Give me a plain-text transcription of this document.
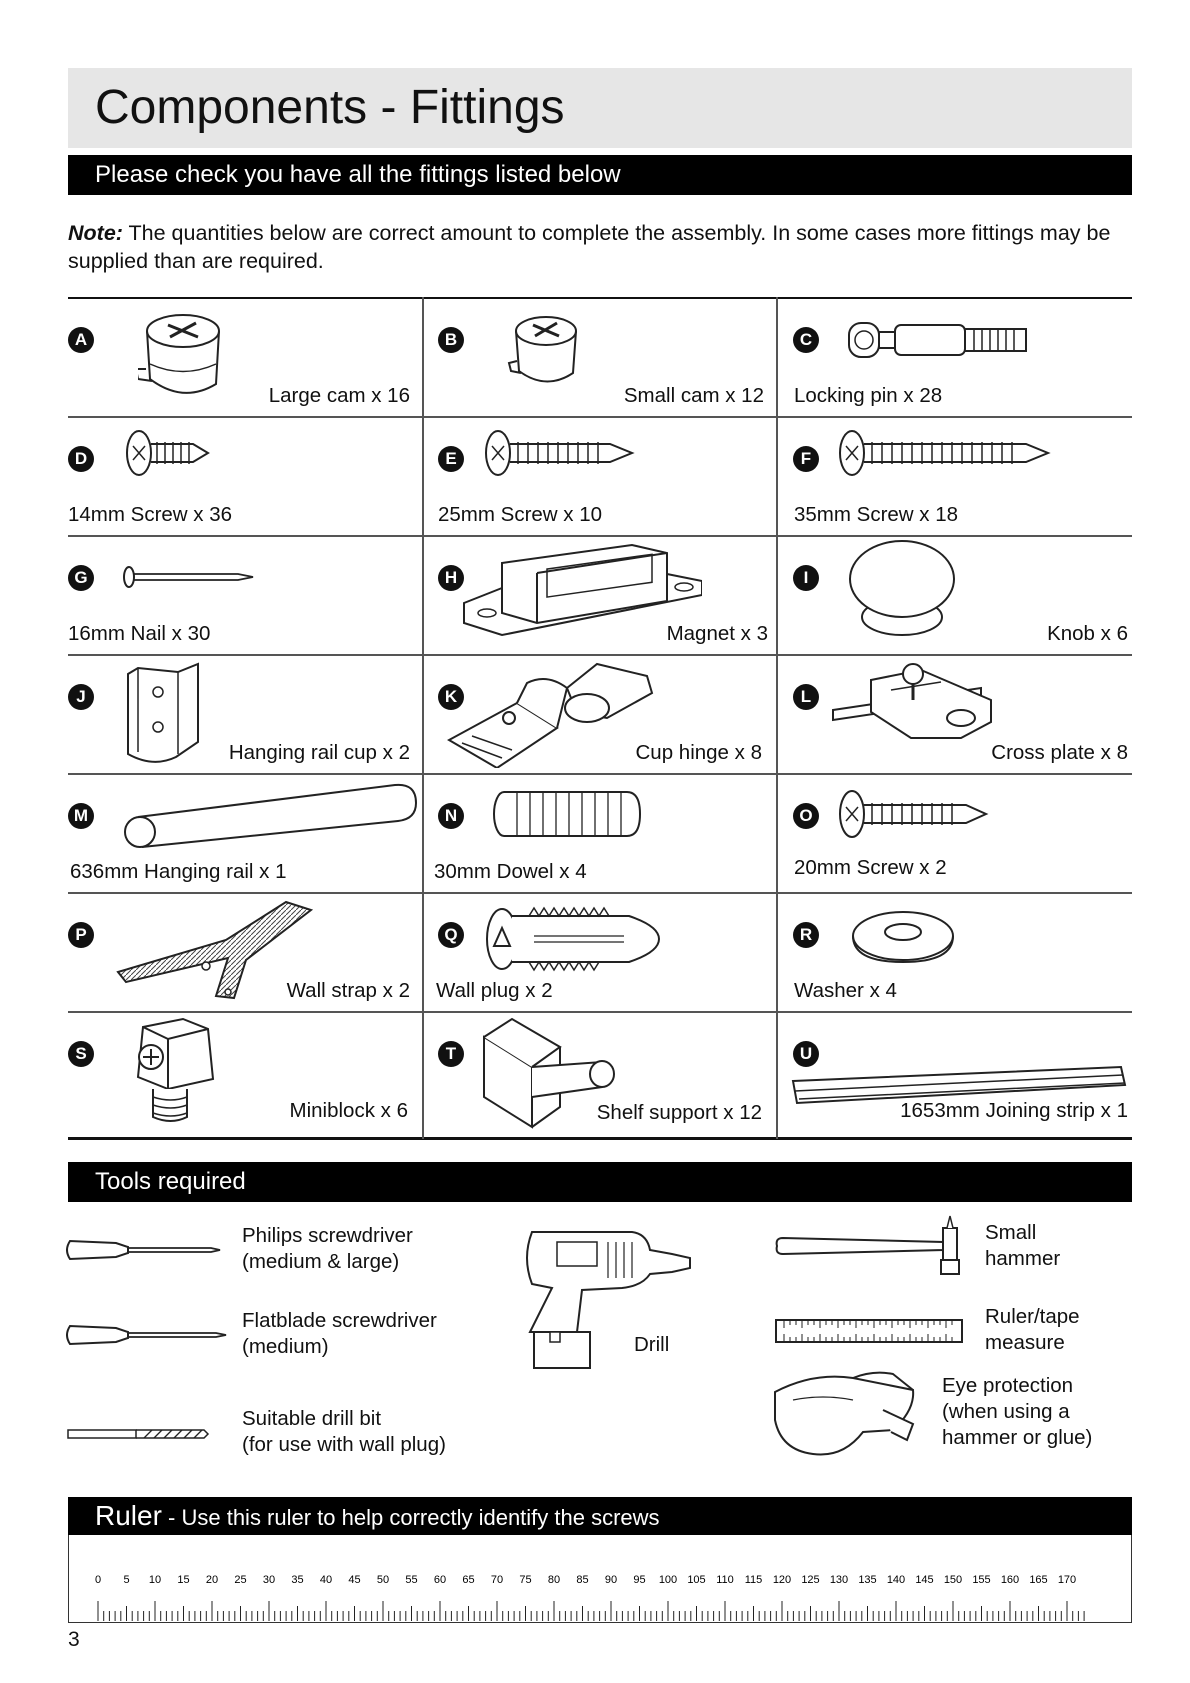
Components - Fittings
Please check you have all the fittings listed below
Note: The quantities below are correct amount to complete the assembly. In some cases more fittings may be supplied than are required.
A
Large cam x 16
B
Small cam x 12
C
Locking pin x 28
D
14mm Screw x 36
E
25mm Screw x 10
F
35mm Screw x 18
G
16mm Nail x 30
H
Magnet x 3
I
Knob x 6
J
Hanging rail cup x 2
K
Cup hinge x 8
L
Cross plate x 8
M
636mm Hanging rail x 1
N
30mm Dowel x 4
O
20mm Screw x 2
P
Wall strap x 2
Q
Wall plug x 2
R
Washer x 4
S
Miniblock x 6
T
Shelf support x 12
U
1653mm Joining strip x 1
Tools required
Philips screwdriver
(medium & large)
Flatblade screwdriver
(medium)
Suitable drill bit
(for use with wall plug)
Drill
Small
hammer
Ruler/tape
measure
Eye protection
(when using a
hammer or glue)
Ruler - Use this ruler to help correctly identify the screws
0 5 10 15 20 25 30 35 40 45 50 55 60 65 70 75 80 85 90 95 100 105 110 115 120 125 130 135 140 145 150 155 160 165 170
3
